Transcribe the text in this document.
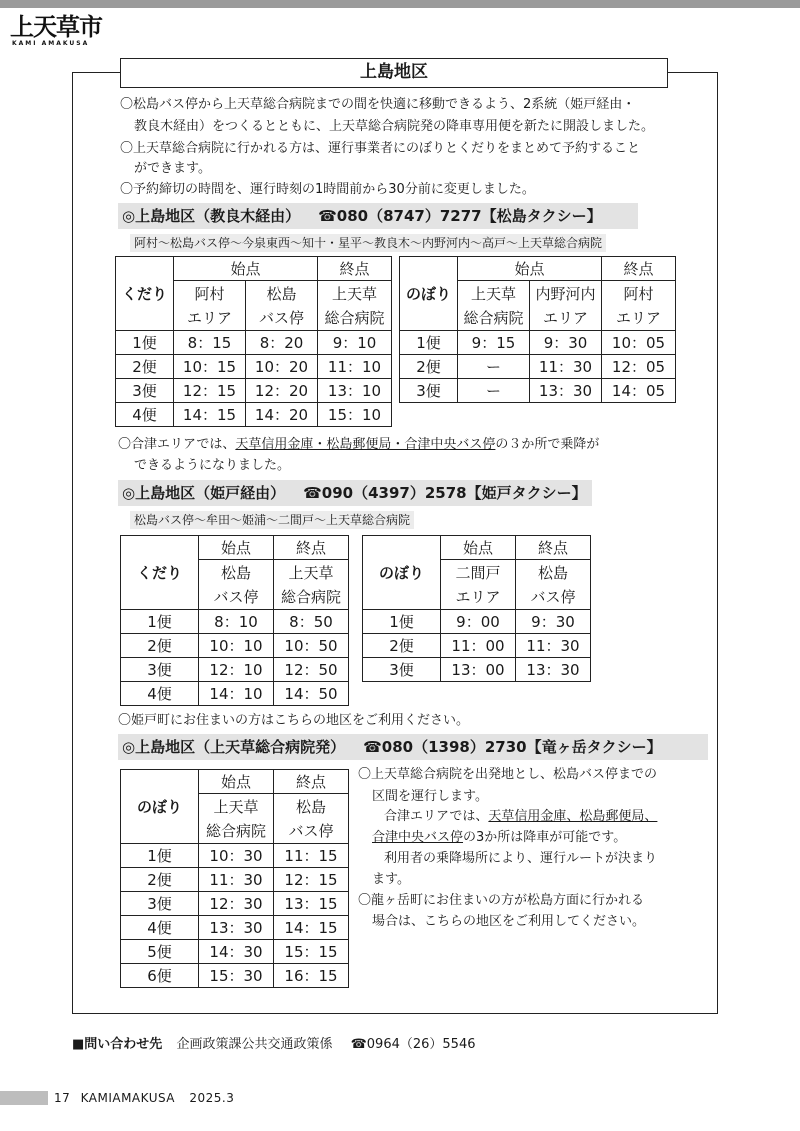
上天草市
KAMI AMAKUSA
上島地区
〇松島バス停から上天草総合病院までの間を快適に移動できるよう、2系統（姫戸経由・
教良木経由）をつくるとともに、上天草総合病院発の降車専用便を新たに開設しました。
〇上天草総合病院に行かれる方は、運行事業者にのぼりとくだりをまとめて予約すること
ができます。
〇予約締切の時間を、運行時刻の1時間前から30分前に変更しました。
◎上島地区（教良木経由） ☎080（8747）7277【松島タクシー】
阿村〜松島バス停〜今泉東西〜知十・星平〜教良木〜内野河内〜高戸〜上天草総合病院
くだり	始点		終点
	阿村	松島	上天草
	エリア	バス停	総合病院
1便	8：15	8：20	9：10
2便	10：15	10：20	11：10
3便	12：15	12：20	13：10
4便	14：15	14：20	15：10
のぼり	始点		終点
	上天草	内野河内	阿村
	総合病院	エリア	エリア
1便	9：15	9：30	10：05
2便	ー	11：30	12：05
3便	ー	13：30	14：05
〇合津エリアでは、天草信用金庫・松島郵便局・合津中央バス停の３か所で乗降が
できるようになりました。
◎上島地区（姫戸経由） ☎090（4397）2578【姫戸タクシー】
松島バス停〜牟田〜姫浦〜二間戸〜上天草総合病院
くだり	始点	終点
	松島	上天草
	バス停	総合病院
1便	8：10	8：50
2便	10：10	10：50
3便	12：10	12：50
4便	14：10	14：50
のぼり	始点	終点
	二間戸	松島
	エリア	バス停
1便	9：00	9：30
2便	11：00	11：30
3便	13：00	13：30
〇姫戸町にお住まいの方はこちらの地区をご利用ください。
◎上島地区（上天草総合病院発） ☎080（1398）2730【竜ヶ岳タクシー】
のぼり	始点	終点
	上天草	松島
	総合病院	バス停
1便	10：30	11：15
2便	11：30	12：15
3便	12：30	13：15
4便	13：30	14：15
5便	14：30	15：15
6便	15：30	16：15
〇上天草総合病院を出発地とし、松島バス停までの
区間を運行します。
合津エリアでは、天草信用金庫、松島郵便局、
合津中央バス停の3か所は降車が可能です。
利用者の乗降場所により、運行ルートが決まり
ます。
〇龍ヶ岳町にお住まいの方が松島方面に行かれる
場合は、こちらの地区をご利用してください。
■問い合わせ先 企画政策課公共交通政策係 ☎0964（26）5546
17 KAMIAMAKUSA 2025.3
